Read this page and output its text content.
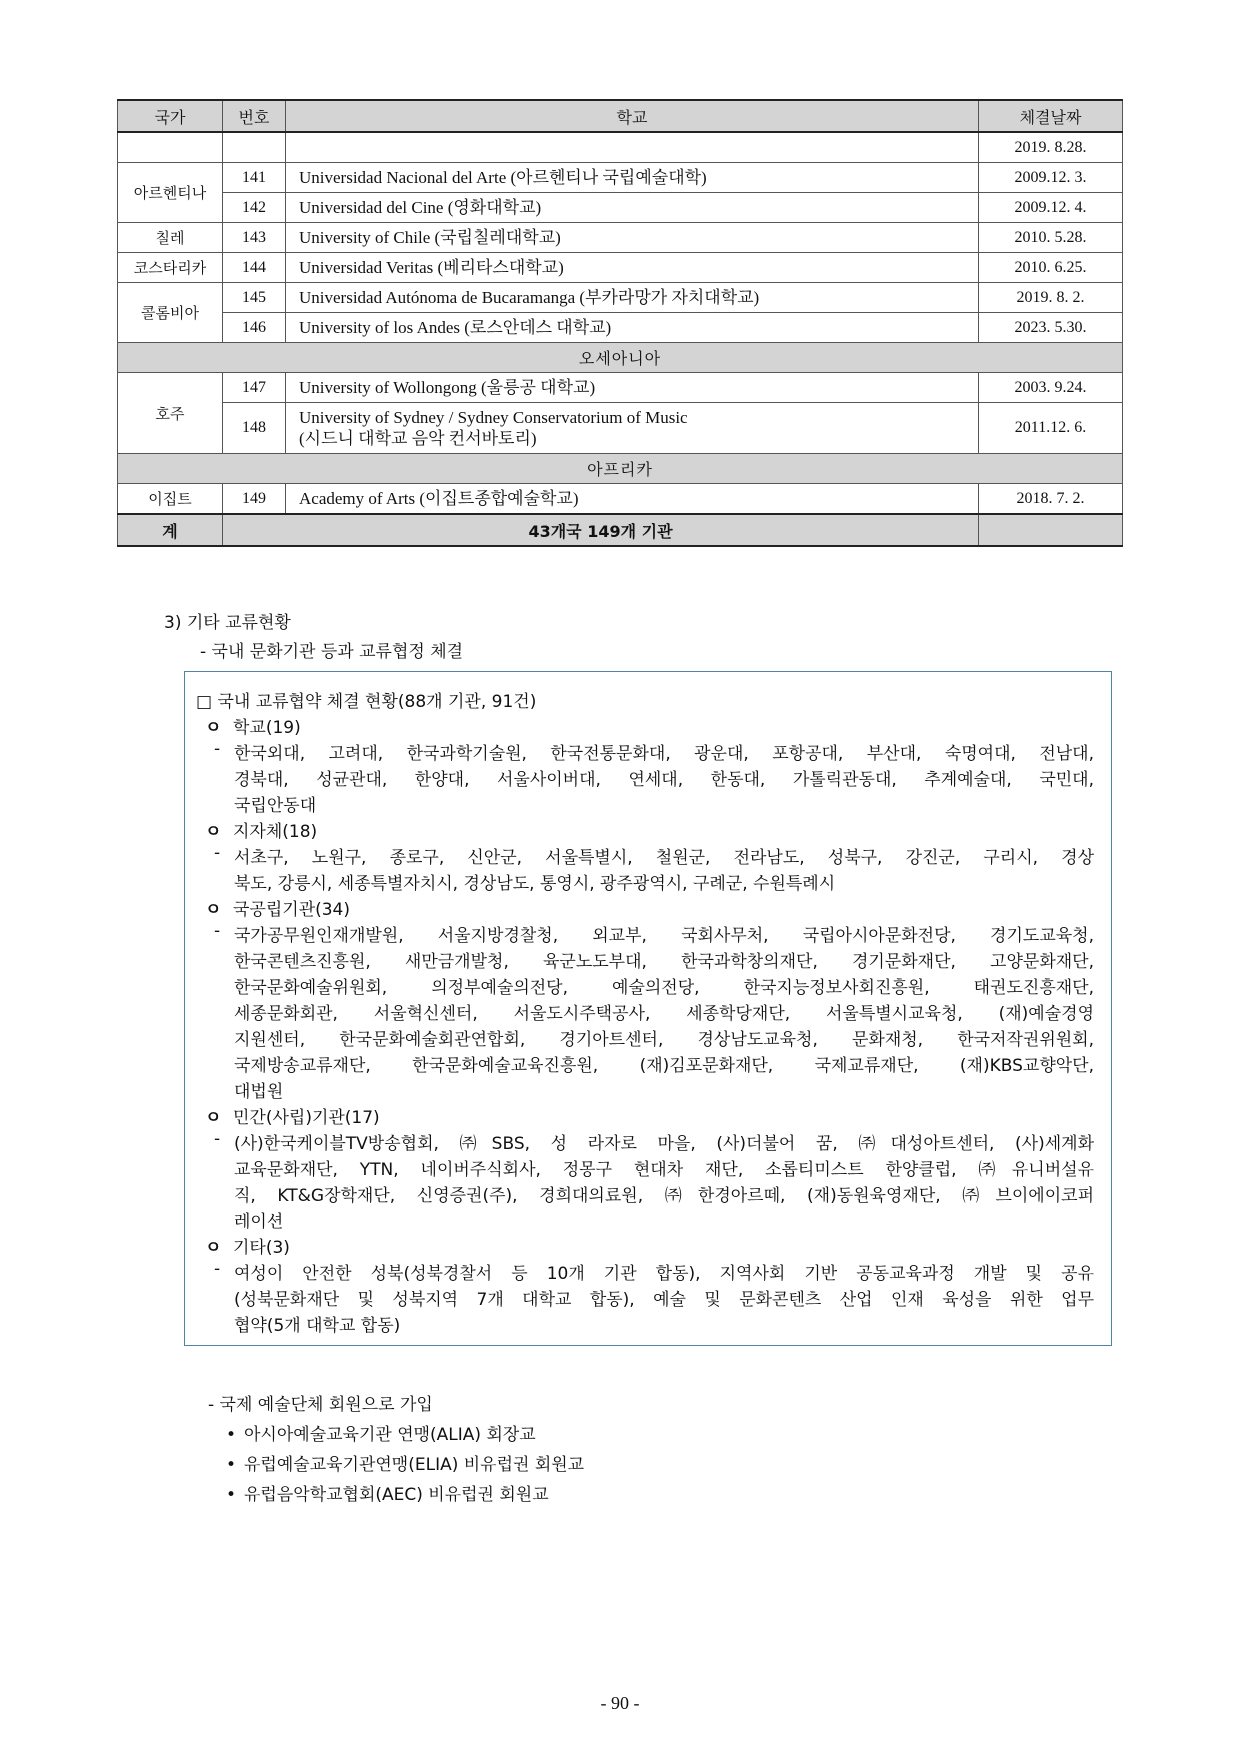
국가	번호	학교	체결날짜
			2019. 8.28.
아르헨티나	141	Universidad Nacional del Arte (아르헨티나 국립예술대학)	2009.12. 3.
	142	Universidad del Cine (영화대학교)	2009.12. 4.
칠레	143	University of Chile (국립칠레대학교)	2010. 5.28.
코스타리카	144	Universidad Veritas (베리타스대학교)	2010. 6.25.
콜롬비아	145	Universidad Autónoma de Bucaramanga (부카라망가 자치대학교)	2019. 8. 2.
	146	University of los Andes (로스안데스 대학교)	2023. 5.30.
오세아니아			
호주	147	University of Wollongong (울릉공 대학교)	2003. 9.24.
	148	University of Sydney / Sydney Conservatorium of Music
(시드니 대학교 음악 컨서바토리)	2011.12. 6.
아프리카			
이집트	149	Academy of Arts (이집트종합예술학교)	2018. 7. 2.
계	43개국 149개 기관		
3) 기타 교류현황
- 국내 문화기관 등과 교류협정 체결
□ 국내 교류협약 체결 현황(88개 기관, 91건)
ㅇ 학교(19)
- 한국외대, 고려대, 한국과학기술원, 한국전통문화대, 광운대, 포항공대, 부산대, 숙명여대, 전남대,
경북대, 성균관대, 한양대, 서울사이버대, 연세대, 한동대, 가톨릭관동대, 추계예술대, 국민대,
국립안동대
ㅇ 지자체(18)
- 서초구, 노원구, 종로구, 신안군, 서울특별시, 철원군, 전라남도, 성북구, 강진군, 구리시, 경상
북도, 강릉시, 세종특별자치시, 경상남도, 통영시, 광주광역시, 구례군, 수원특례시
ㅇ 국공립기관(34)
- 국가공무원인재개발원, 서울지방경찰청, 외교부, 국회사무처, 국립아시아문화전당, 경기도교육청,
한국콘텐츠진흥원, 새만금개발청, 육군노도부대, 한국과학창의재단, 경기문화재단, 고양문화재단,
한국문화예술위원회, 의정부예술의전당, 예술의전당, 한국지능정보사회진흥원, 태권도진흥재단,
세종문화회관, 서울혁신센터, 서울도시주택공사, 세종학당재단, 서울특별시교육청, (재)예술경영
지원센터, 한국문화예술회관연합회, 경기아트센터, 경상남도교육청, 문화재청, 한국저작권위원회,
국제방송교류재단, 한국문화예술교육진흥원, (재)김포문화재단, 국제교류재단, (재)KBS교향악단,
대법원
ㅇ 민간(사립)기관(17)
- (사)한국케이블TV방송협회, ㈜SBS, 성 라자로 마을, (사)더불어 꿈, ㈜대성아트센터, (사)세계화
교육문화재단, YTN, 네이버주식회사, 정몽구 현대차 재단, 소롭티미스트 한양클럽, ㈜유니버설유
직, KT&G장학재단, 신영증권(주), 경희대의료원, ㈜한경아르떼, (재)동원육영재단, ㈜브이에이코퍼
레이션
ㅇ 기타(3)
- 여성이 안전한 성북(성북경찰서 등 10개 기관 합동), 지역사회 기반 공동교육과정 개발 및 공유
(성북문화재단 및 성북지역 7개 대학교 합동), 예술 및 문화콘텐츠 산업 인재 육성을 위한 업무
협약(5개 대학교 합동)
- 국제 예술단체 회원으로 가입
• 아시아예술교육기관 연맹(ALIA) 회장교
• 유럽예술교육기관연맹(ELIA) 비유럽권 회원교
• 유럽음악학교협회(AEC) 비유럽권 회원교
- 90 -
